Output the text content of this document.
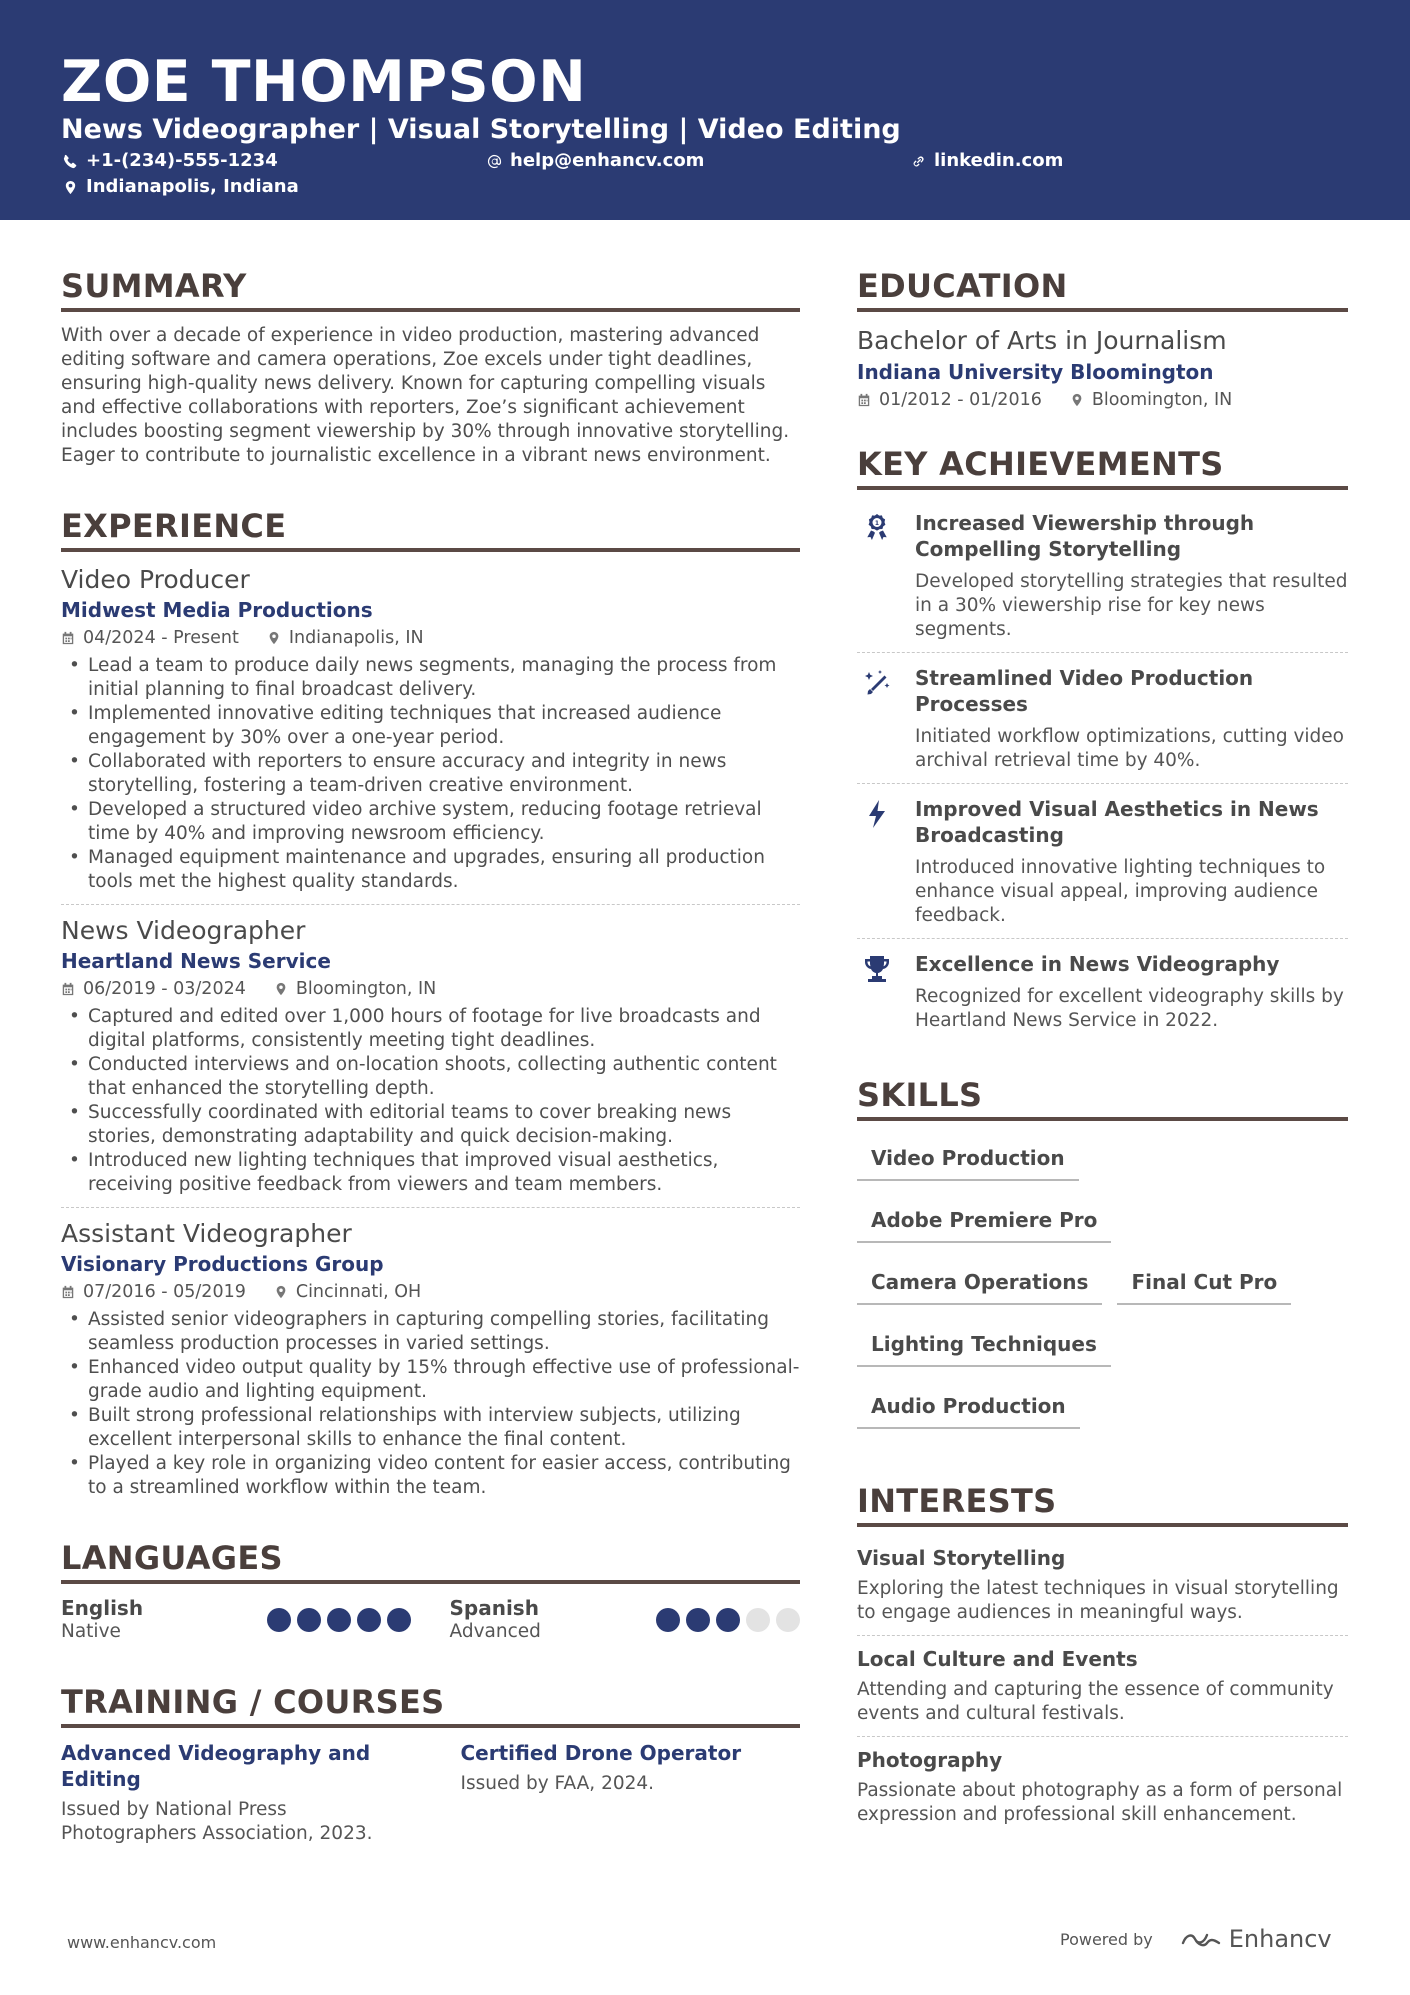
ZOE THOMPSON
News Videographer | Visual Storytelling | Video Editing
+1-(234)-555-1234	help@enhancv.com	linkedin.com
Indianapolis, Indiana
SUMMARY

With over a decade of experience in video production, mastering advanced editing software and camera operations, Zoe excels under tight deadlines, ensuring high-quality news delivery. Known for capturing compelling visuals and effective collaborations with reporters, Zoe’s significant achievement includes boosting segment viewership by 30% through innovative storytelling. Eager to contribute to journalistic excellence in a vibrant news environment.

EXPERIENCE
Video Producer
Midwest Media Productions
04/2024 - Present	Indianapolis, IN
• Lead a team to produce daily news segments, managing the process from initial planning to final broadcast delivery.
• Implemented innovative editing techniques that increased audience engagement by 30% over a one-year period.
• Collaborated with reporters to ensure accuracy and integrity in news storytelling, fostering a team-driven creative environment.
• Developed a structured video archive system, reducing footage retrieval time by 40% and improving newsroom efficiency.
• Managed equipment maintenance and upgrades, ensuring all production tools met the highest quality standards.
News Videographer
Heartland News Service
06/2019 - 03/2024	Bloomington, IN
• Captured and edited over 1,000 hours of footage for live broadcasts and digital platforms, consistently meeting tight deadlines.
• Conducted interviews and on-location shoots, collecting authentic content that enhanced the storytelling depth.
• Successfully coordinated with editorial teams to cover breaking news stories, demonstrating adaptability and quick decision-making.
• Introduced new lighting techniques that improved visual aesthetics, receiving positive feedback from viewers and team members.
Assistant Videographer
Visionary Productions Group
07/2016 - 05/2019	Cincinnati, OH
• Assisted senior videographers in capturing compelling stories, facilitating seamless production processes in varied settings.
• Enhanced video output quality by 15% through effective use of professional-grade audio and lighting equipment.
• Built strong professional relationships with interview subjects, utilizing excellent interpersonal skills to enhance the final content.
• Played a key role in organizing video content for easier access, contributing to a streamlined workflow within the team.
LANGUAGES
English
Native
Spanish
Advanced
TRAINING / COURSES
Advanced Videography and Editing
Issued by National Press Photographers Association, 2023.
Certified Drone Operator
Issued by FAA, 2024.
EDUCATION
Bachelor of Arts in Journalism
Indiana University Bloomington
01/2012 - 01/2016	Bloomington, IN
KEY ACHIEVEMENTS
1 Increased Viewership through Compelling Storytelling
Developed storytelling strategies that resulted in a 30% viewership rise for key news segments.
Streamlined Video Production Processes
Initiated workflow optimizations, cutting video archival retrieval time by 40%.
Improved Visual Aesthetics in News Broadcasting
Introduced innovative lighting techniques to enhance visual appeal, improving audience feedback.
Excellence in News Videography
Recognized for excellent videography skills by Heartland News Service in 2022.
SKILLS
Video Production
Adobe Premiere Pro
Camera Operations	Final Cut Pro
Lighting Techniques
Audio Production
INTERESTS
Visual Storytelling
Exploring the latest techniques in visual storytelling to engage audiences in meaningful ways.
Local Culture and Events
Attending and capturing the essence of community events and cultural festivals.
Photography
Passionate about photography as a form of personal expression and professional skill enhancement.
www.enhancv.com	Powered by	Enhancv
